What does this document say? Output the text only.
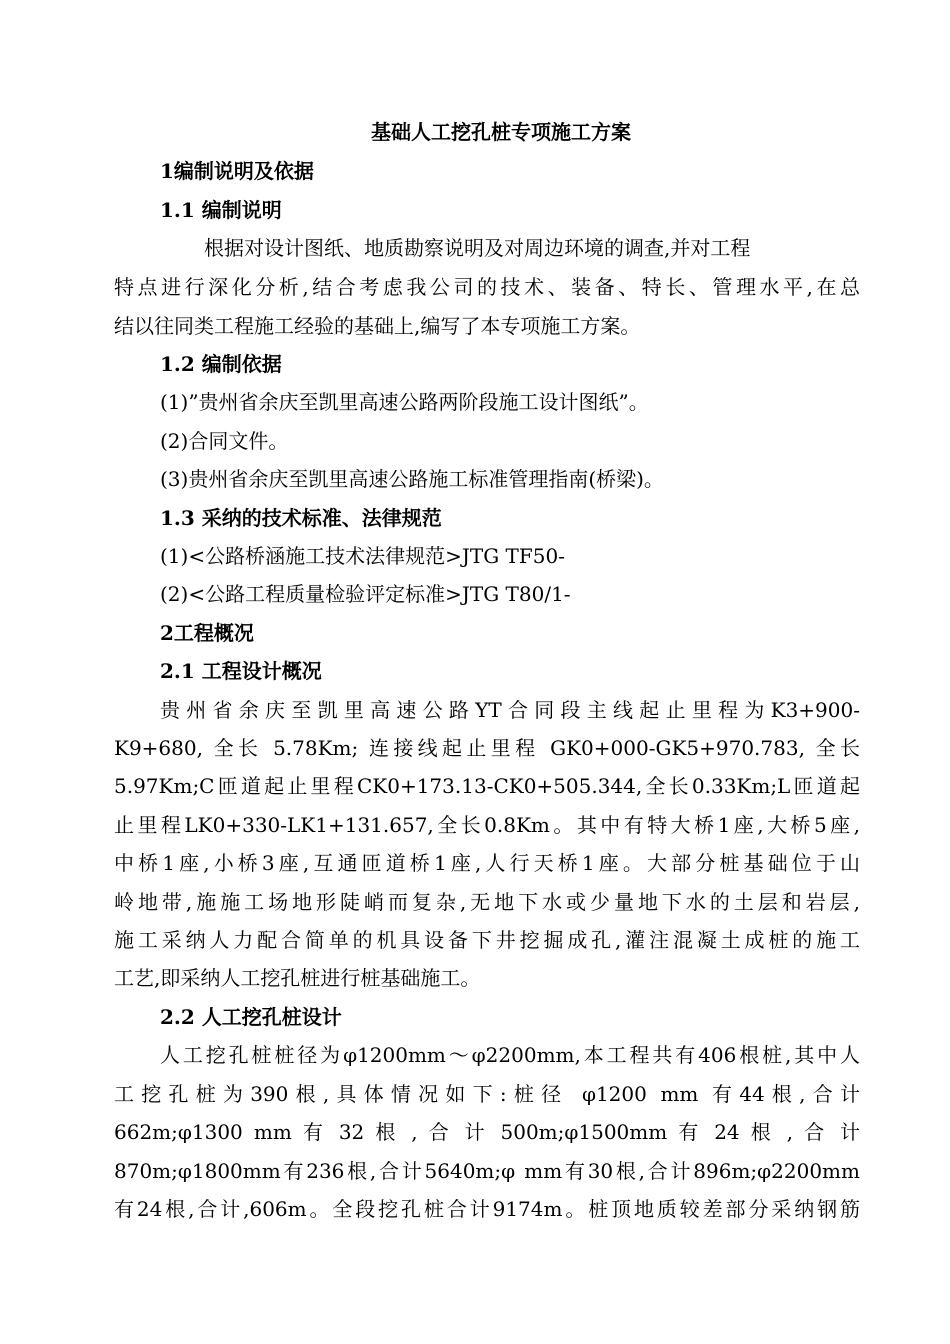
基础人工挖孔桩专项施工方案
1编制说明及依据
1.1 编制说明
根据对设计图纸、地质勘察说明及对周边环境的调查,并对工程
特点进行深化分析,结合考虑我公司的技术、装备、特长、管理水平,在总
结以往同类工程施工经验的基础上,编写了本专项施工方案。
1.2 编制依据
(1)”贵州省余庆至凯里高速公路两阶段施工设计图纸”。
(2)合同文件。
(3)贵州省余庆至凯里高速公路施工标准管理指南(桥梁)。
1.3 采纳的技术标准、法律规范
(1)<公路桥涵施工技术法律规范>JTG TF50-
(2)<公路工程质量检验评定标准>JTG T80/1-
2工程概况
2.1 工程设计概况
贵州省余庆至凯里高速公路YT合同段主线起止里程为K3+900-
K9+680, 全长 5.78Km; 连接线起止里程 GK0+000-GK5+970.783, 全长
5.97Km;C匝道起止里程CK0+173.13-CK0+505.344,全长0.33Km;L匝道起
止里程LK0+330-LK1+131.657,全长0.8Km。其中有特大桥1座,大桥5座,
中桥1座,小桥3座,互通匝道桥1座,人行天桥1座。大部分桩基础位于山
岭地带,施施工场地形陡峭而复杂,无地下水或少量地下水的土层和岩层,
施工采纳人力配合简单的机具设备下井挖掘成孔,灌注混凝土成桩的施工
工艺,即采纳人工挖孔桩进行桩基础施工。
2.2 人工挖孔桩设计
人工挖孔桩桩径为φ1200mm～φ2200mm,本工程共有406根桩,其中人
工挖孔桩为390根,具体情况如下:桩径 φ1200 mm 有44根,合计
662m;φ1300 mm 有 32 根 , 合 计 500m;φ1500mm 有 24 根 , 合 计
870m;φ1800mm有236根,合计5640m;φ mm有30根,合计896m;φ2200mm
有24根,合计,606m。全段挖孔桩合计9174m。桩顶地质较差部分采纳钢筋
